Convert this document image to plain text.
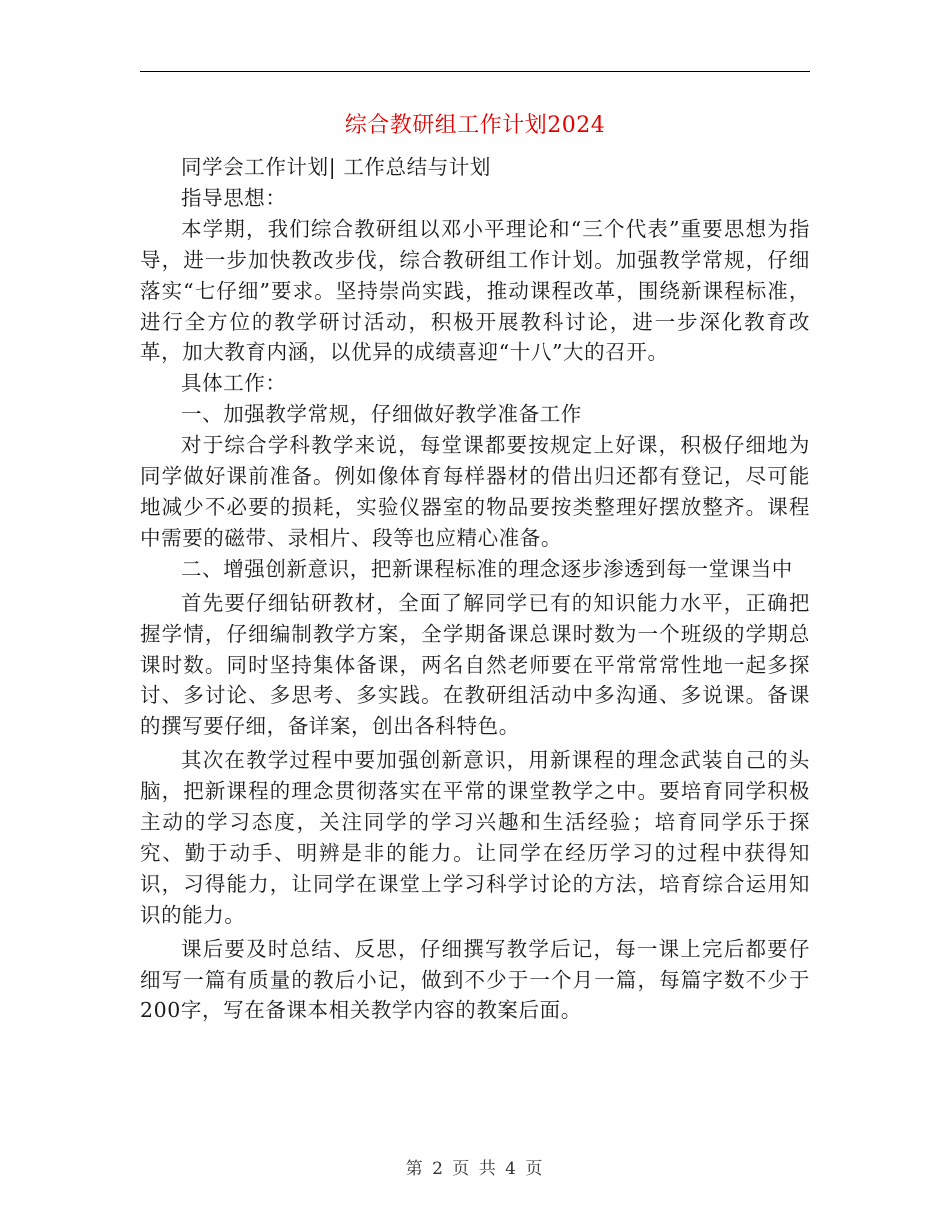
综合教研组工作计划2024

同学会工作计划| 工作总结与计划

指导思想：

本学期，我们综合教研组以邓小平理论和“三个代表”重要思想为指导，进一步加快教改步伐，综合教研组工作计划。加强教学常规，仔细落实“七仔细”要求。坚持崇尚实践，推动课程改革，围绕新课程标准，进行全方位的教学研讨活动，积极开展教科讨论，进一步深化教育改革，加大教育内涵，以优异的成绩喜迎“十八”大的召开。

具体工作：

一、加强教学常规，仔细做好教学准备工作

对于综合学科教学来说，每堂课都要按规定上好课，积极仔细地为同学做好课前准备。例如像体育每样器材的借出归还都有登记，尽可能地减少不必要的损耗，实验仪器室的物品要按类整理好摆放整齐。课程中需要的磁带、录相片、段等也应精心准备。

二、增强创新意识，把新课程标准的理念逐步渗透到每一堂课当中

首先要仔细钻研教材，全面了解同学已有的知识能力水平，正确把握学情，仔细编制教学方案，全学期备课总课时数为一个班级的学期总课时数。同时坚持集体备课，两名自然老师要在平常常常性地一起多探讨、多讨论、多思考、多实践。在教研组活动中多沟通、多说课。备课的撰写要仔细，备详案，创出各科特色。

其次在教学过程中要加强创新意识，用新课程的理念武装自己的头脑，把新课程的理念贯彻落实在平常的课堂教学之中。要培育同学积极主动的学习态度，关注同学的学习兴趣和生活经验；培育同学乐于探究、勤于动手、明辨是非的能力。让同学在经历学习的过程中获得知识，习得能力，让同学在课堂上学习科学讨论的方法，培育综合运用知识的能力。

课后要及时总结、反思，仔细撰写教学后记，每一课上完后都要仔细写一篇有质量的教后小记，做到不少于一个月一篇，每篇字数不少于200字，写在备课本相关教学内容的教案后面。

第 2 页 共 4 页
